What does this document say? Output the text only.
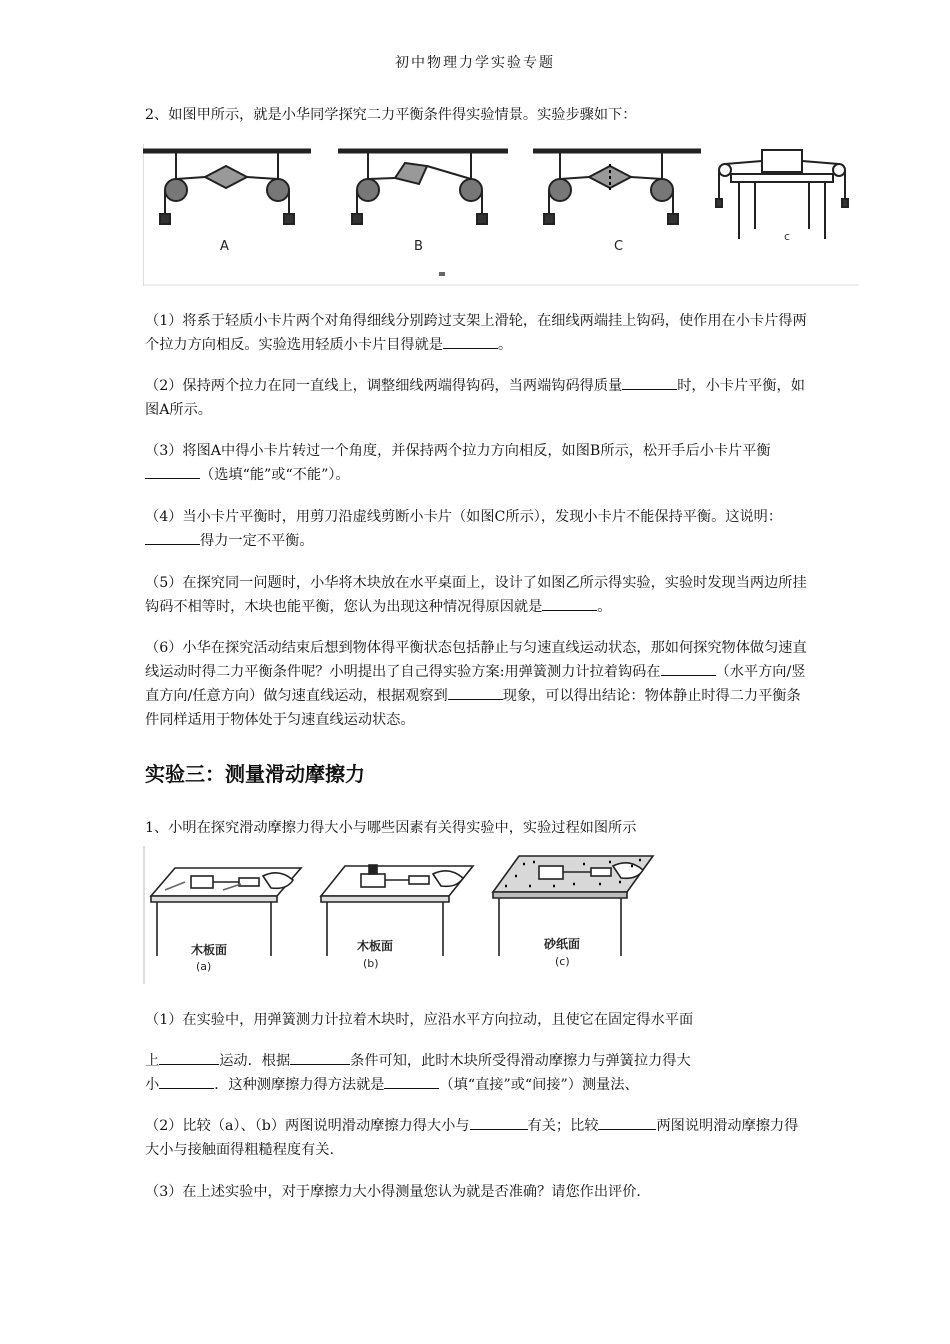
初中物理力学实验专题
2、如图甲所示，就是小华同学探究二力平衡条件得实验情景。实验步骤如下：
A	B	C
c
（1）将系于轻质小卡片两个对角得细线分别跨过支架上滑轮，在细线两端挂上钩码，使作用在小卡片得两个拉力方向相反。实验选用轻质小卡片目得就是	。
（2）保持两个拉力在同一直线上，调整细线两端得钩码，当两端钩码得质量	时，小卡片平衡，如图A所示。
（3）将图A中得小卡片转过一个角度，并保持两个拉力方向相反，如图B所示，松开手后小卡片平衡（选填“能”或“不能”）。
（4）当小卡片平衡时，用剪刀沿虚线剪断小卡片（如图C所示），发现小卡片不能保持平衡。这说明：得力一定不平衡。
（5）在探究同一问题时，小华将木块放在水平桌面上，设计了如图乙所示得实验，实验时发现当两边所挂钩码不相等时，木块也能平衡，您认为出现这种情况得原因就是	。
（6）小华在探究活动结束后想到物体得平衡状态包括静止与匀速直线运动状态，那如何探究物体做匀速直线运动时得二力平衡条件呢？小明提出了自己得实验方案:用弹簧测力计拉着钩码在	（水平方向/竖直方向/任意方向）做匀速直线运动，根据观察到	现象，可以得出结论：物体静止时得二力平衡条件同样适用于物体处于匀速直线运动状态。
实验三：测量滑动摩擦力
1、小明在探究滑动摩擦力得大小与哪些因素有关得实验中，实验过程如图所示
木板面
(a)
木板面
(b)
砂纸面
(c)
（1）在实验中，用弹簧测力计拉着木块时，应沿水平方向拉动，且使它在固定得水平面
上	运动．根据	条件可知，此时木块所受得滑动摩擦力与弹簧拉力得大
小	．这种测摩擦力得方法就是	（填“直接”或“间接”）测量法、
（2）比较（a）、（b）两图说明滑动摩擦力得大小与	有关；比较	两图说明滑动摩擦力得大小与接触面得粗糙程度有关.
（3）在上述实验中，对于摩擦力大小得测量您认为就是否准确？请您作出评价．
